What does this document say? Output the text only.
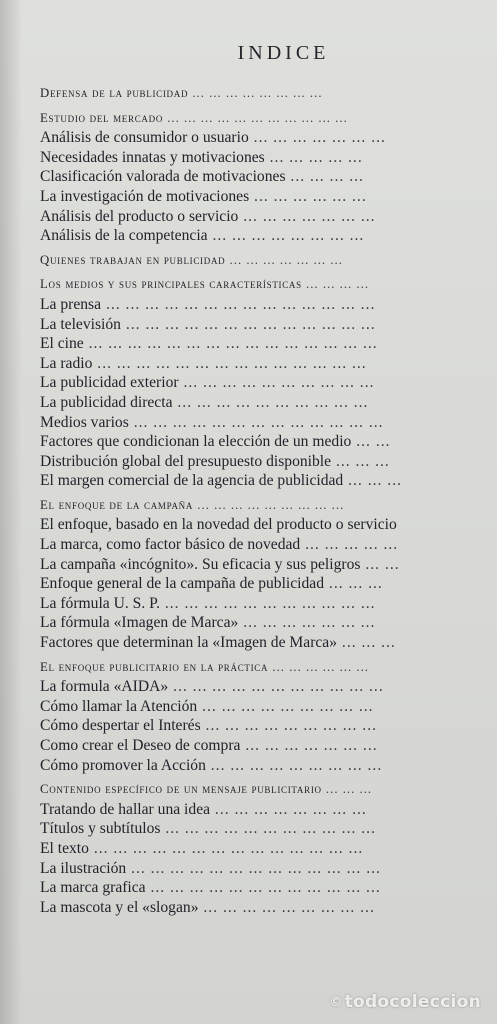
INDICE
Defensa de la publicidad ... ... ... ... ... ... ... ...
Estudio del mercado ... ... ... ... ... ... ... ... ... ... ...
Análisis de consumidor o usuario ... ... ... ... ... ... ...
Necesidades innatas y motivaciones ... ... ... ... ...
Clasificación valorada de motivaciones ... ... ... ...
La investigación de motivaciones ... ... ... ... ... ...
Análisis del producto o servicio ... ... ... ... ... ... ...
Análisis de la competencia ... ... ... ... ... ... ... ...
Quienes trabajan en publicidad ... ... ... ... ... ... ...
Los medios y sus principales características ... ... ... ...
La prensa ... ... ... ... ... ... ... ... ... ... ... ... ... ...
La televisión ... ... ... ... ... ... ... ... ... ... ... ... ...
El cine ... ... ... ... ... ... ... ... ... ... ... ... ... ... ...
La radio ... ... ... ... ... ... ... ... ... ... ... ... ... ...
La publicidad exterior ... ... ... ... ... ... ... ... ... ...
La publicidad directa ... ... ... ... ... ... ... ... ... ...
Medios varios ... ... ... ... ... ... ... ... ... ... ... ... ...
Factores que condicionan la elección de un medio ... ...
Distribución global del presupuesto disponible ... ... ...
El margen comercial de la agencia de publicidad ... ... ...
El enfoque de la campaña ... ... ... ... ... ... ... ... ...
El enfoque, basado en la novedad del producto o servicio
La marca, como factor básico de novedad ... ... ... ... ...
La campaña «incógnito». Su eficacia y sus peligros ... ...
Enfoque general de la campaña de publicidad ... ... ...
La fórmula U. S. P. ... ... ... ... ... ... ... ... ... ... ...
La fórmula «Imagen de Marca» ... ... ... ... ... ... ...
Factores que determinan la «Imagen de Marca» ... ... ...
El enfoque publicitario en la práctica ... ... ... ... ... ...
La formula «AIDA» ... ... ... ... ... ... ... ... ... ... ...
Cómo llamar la Atención ... ... ... ... ... ... ... ... ...
Cómo despertar el Interés ... ... ... ... ... ... ... ... ...
Como crear el Deseo de compra ... ... ... ... ... ... ...
Cómo promover la Acción ... ... ... ... ... ... ... ... ...
Contenido específico de un mensaje publicitario ... ... ...
Tratando de hallar una idea ... ... ... ... ... ... ... ...
Títulos y subtítulos ... ... ... ... ... ... ... ... ... ... ...
El texto ... ... ... ... ... ... ... ... ... ... ... ... ... ...
La ilustración ... ... ... ... ... ... ... ... ... ... ... ... ...
La marca grafica ... ... ... ... ... ... ... ... ... ... ... ...
La mascota y el «slogan» ... ... ... ... ... ... ... ... ...
© todocoleccion
